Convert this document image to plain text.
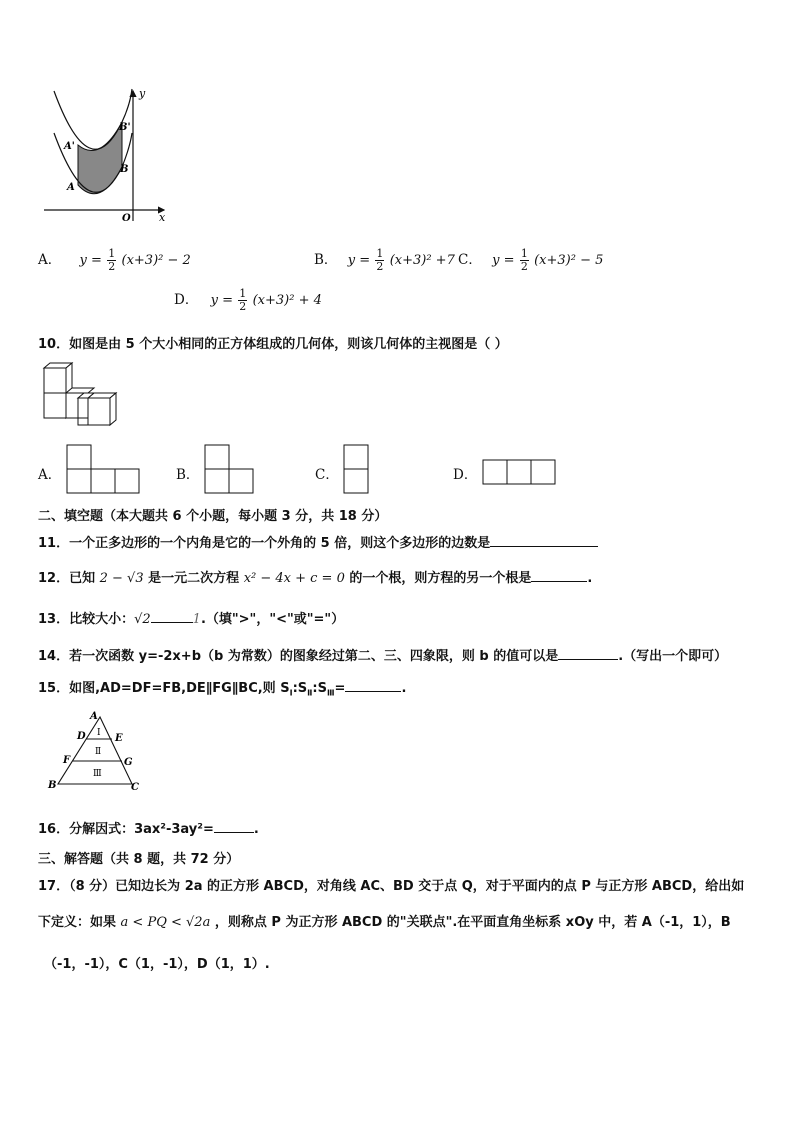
y
x
O
A
A'
B
B'
A． $y = \frac{1}{2} (x+3)^2 - 2$	B． $y = \frac{1}{2} (x+3)^2 +7$ C． $y = \frac{1}{2} (x+3)^2 - 5$
D． $y = \frac{1}{2} (x+3)^2 + 4$
10．如图是由 5 个大小相同的正方体组成的几何体，则该几何体的主视图是（ ）
A．	B．	C．	D．
二、填空题（本大题共 6 个小题，每小题 3 分，共 18 分）
11．一个正多边形的一个内角是它的一个外角的 5 倍，则这个多边形的边数是
12．已知 2 − √3 是一元二次方程 x² − 4x + c = 0 的一个根，则方程的另一个根是	.
13．比较大小：√2	1.（填">"，"<"或"="）
14．若一次函数 y=-2x+b（b 为常数）的图象经过第二、三、四象限，则 b 的值可以是	.（写出一个即可）
15．如图,AD=DF=FB,DE∥FG∥BC,则 $S_Ⅰ:S_Ⅱ:S_Ⅲ=$	.
A
D	E
F	G
B	C
Ⅰ
Ⅱ
Ⅲ
16．分解因式：3ax²-3ay²=	.
三、解答题（共 8 题，共 72 分）
17．（8 分）已知边长为 2a 的正方形 ABCD，对角线 AC、BD 交于点 Q，对于平面内的点 P 与正方形 ABCD，给出如
下定义：如果 a < PQ < √2a ，则称点 P 为正方形 ABCD 的"关联点".在平面直角坐标系 xOy 中，若 A（-1，1），B
（-1，-1），C（1，-1），D（1，1）.
